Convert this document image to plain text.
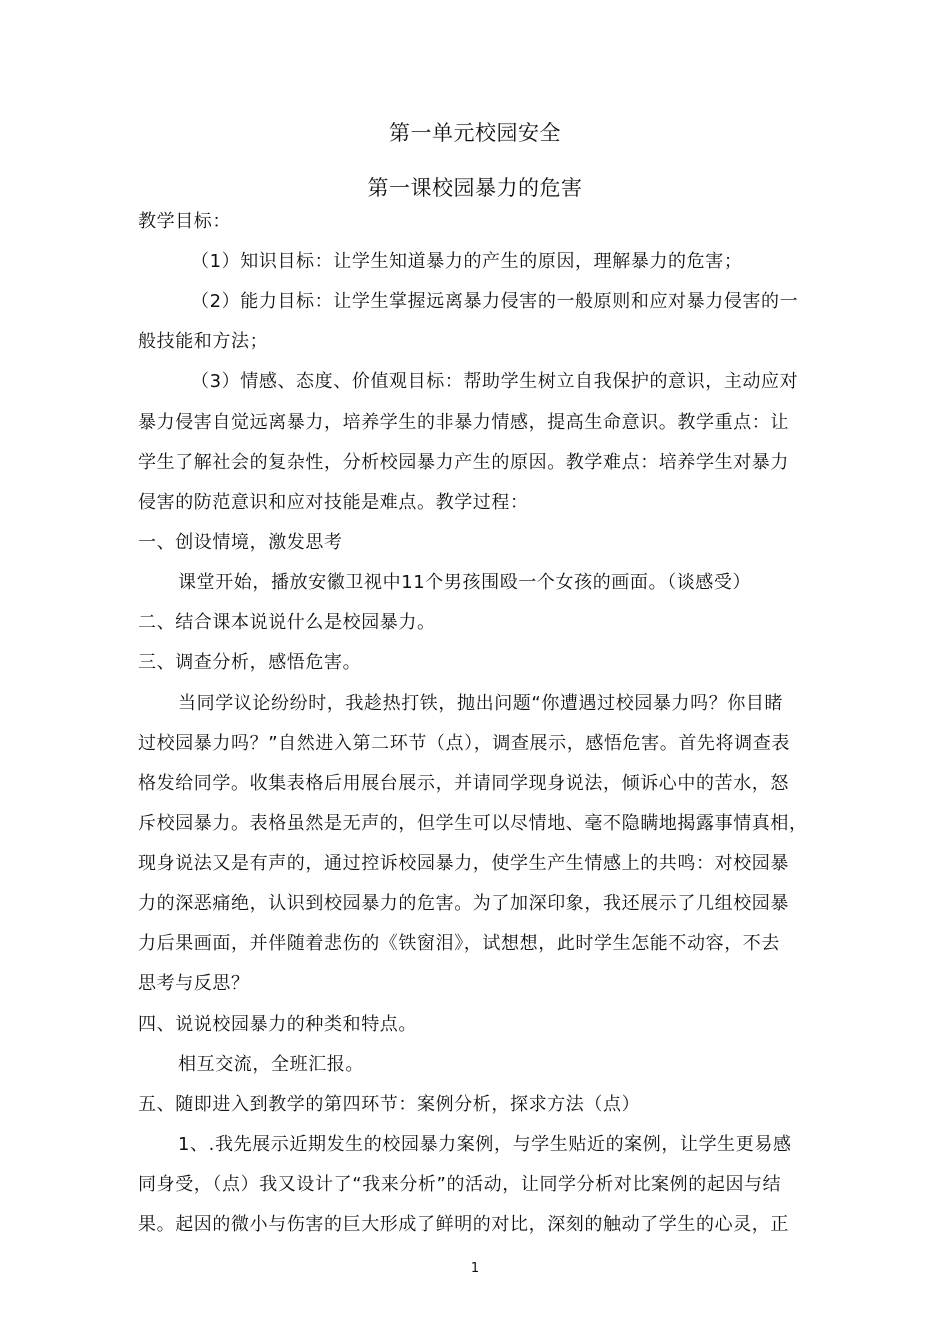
第一单元校园安全
第一课校园暴力的危害
教学目标：
（1）知识目标：让学生知道暴力的产生的原因，理解暴力的危害；
（2）能力目标：让学生掌握远离暴力侵害的一般原则和应对暴力侵害的一
般技能和方法；
（3）情感、态度、价值观目标：帮助学生树立自我保护的意识，主动应对
暴力侵害自觉远离暴力，培养学生的非暴力情感，提高生命意识。教学重点：让
学生了解社会的复杂性，分析校园暴力产生的原因。教学难点：培养学生对暴力
侵害的防范意识和应对技能是难点。教学过程：
一、创设情境，激发思考
课堂开始，播放安徽卫视中11个男孩围殴一个女孩的画面。（谈感受）
二、结合课本说说什么是校园暴力。
三、调查分析，感悟危害。
当同学议论纷纷时，我趁热打铁，抛出问题“你遭遇过校园暴力吗？你目睹
过校园暴力吗？”自然进入第二环节（点），调查展示，感悟危害。首先将调查表
格发给同学。收集表格后用展台展示，并请同学现身说法，倾诉心中的苦水，怒
斥校园暴力。表格虽然是无声的，但学生可以尽情地、毫不隐瞒地揭露事情真相，
现身说法又是有声的，通过控诉校园暴力，使学生产生情感上的共鸣：对校园暴
力的深恶痛绝，认识到校园暴力的危害。为了加深印象，我还展示了几组校园暴
力后果画面，并伴随着悲伤的《铁窗泪》，试想想，此时学生怎能不动容，不去
思考与反思？
四、说说校园暴力的种类和特点。
相互交流，全班汇报。
五、随即进入到教学的第四环节：案例分析，探求方法（点）
1、.我先展示近期发生的校园暴力案例，与学生贴近的案例，让学生更易感
同身受，（点）我又设计了“我来分析”的活动，让同学分析对比案例的起因与结
果。起因的微小与伤害的巨大形成了鲜明的对比，深刻的触动了学生的心灵，正
1
